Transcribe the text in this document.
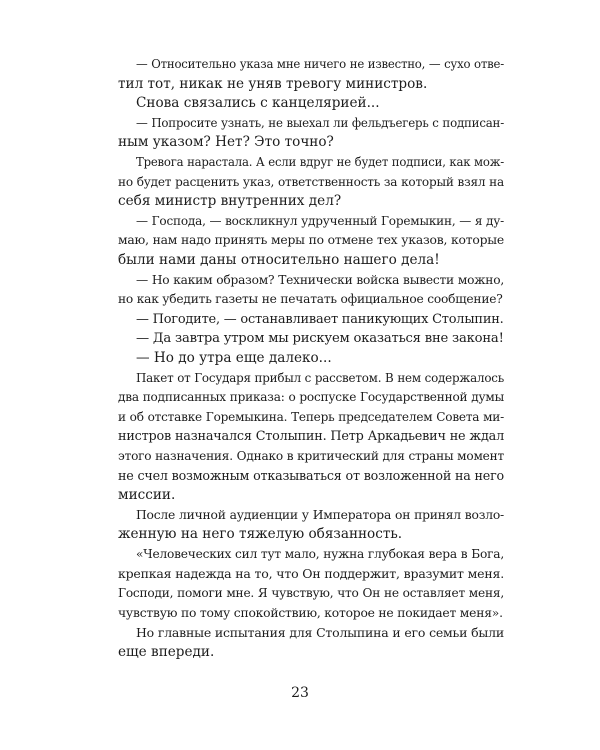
— Относительно указа мне ничего не известно, — сухо отве-
тил тот, никак не уняв тревогу министров.
Снова связались с канцелярией...
— Попросите узнать, не выехал ли фельдъегерь с подписан-
ным указом? Нет? Это точно?
Тревога нарастала. А если вдруг не будет подписи, как мож-
но будет расценить указ, ответственность за который взял на
себя министр внутренних дел?
— Господа, — воскликнул удрученный Горемыкин, — я ду-
маю, нам надо принять меры по отмене тех указов, которые
были нами даны относительно нашего дела!
— Но каким образом? Технически войска вывести можно,
но как убедить газеты не печатать официальное сообщение?
— Погодите, — останавливает паникующих Столыпин.
— Да завтра утром мы рискуем оказаться вне закона!
— Но до утра еще далеко...
Пакет от Государя прибыл с рассветом. В нем содержалось
два подписанных приказа: о роспуске Государственной думы
и об отставке Горемыкина. Теперь председателем Совета ми-
нистров назначался Столыпин. Петр Аркадьевич не ждал
этого назначения. Однако в критический для страны момент
не счел возможным отказываться от возложенной на него
миссии.
После личной аудиенции у Императора он принял возло-
женную на него тяжелую обязанность.
«Человеческих сил тут мало, нужна глубокая вера в Бога,
крепкая надежда на то, что Он поддержит, вразумит меня.
Господи, помоги мне. Я чувствую, что Он не оставляет меня,
чувствую по тому спокойствию, которое не покидает меня».
Но главные испытания для Столыпина и его семьи были
еще впереди.
23
